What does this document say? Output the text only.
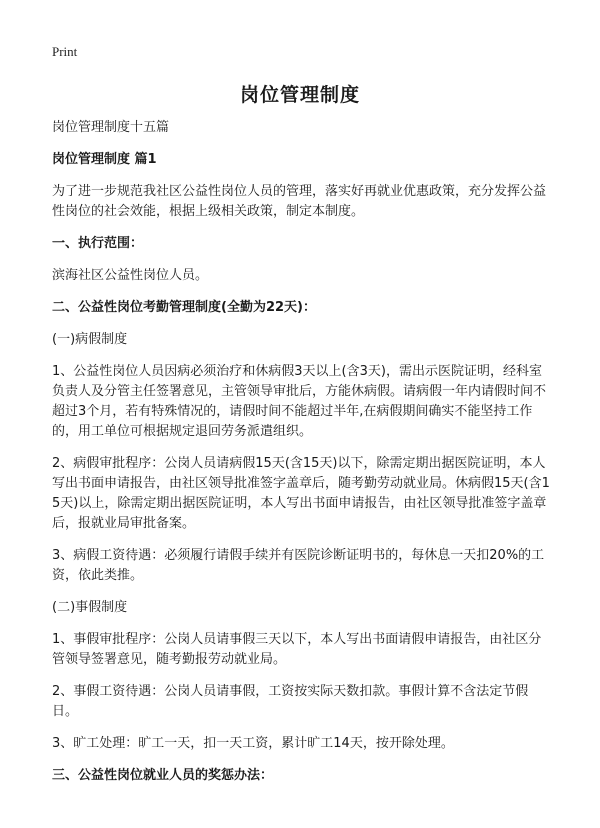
Print
岗位管理制度

岗位管理制度十五篇

岗位管理制度 篇1

为了进一步规范我社区公益性岗位人员的管理，落实好再就业优惠政策，充分发挥公益性岗位的社会效能，根据上级相关政策，制定本制度。

一、执行范围：

滨海社区公益性岗位人员。

二、公益性岗位考勤管理制度(全勤为22天)：

(一)病假制度

1、公益性岗位人员因病必须治疗和休病假3天以上(含3天)，需出示医院证明，经科室负责人及分管主任签署意见，主管领导审批后，方能休病假。请病假一年内请假时间不超过3个月，若有特殊情况的，请假时间不能超过半年,在病假期间确实不能坚持工作的，用工单位可根据规定退回劳务派遣组织。

2、病假审批程序：公岗人员请病假15天(含15天)以下，除需定期出据医院证明，本人写出书面申请报告，由社区领导批准签字盖章后，随考勤劳动就业局。休病假15天(含15天)以上，除需定期出据医院证明，本人写出书面申请报告，由社区领导批准签字盖章后，报就业局审批备案。

3、病假工资待遇：必须履行请假手续并有医院诊断证明书的，每休息一天扣20%的工资，依此类推。

(二)事假制度

1、事假审批程序：公岗人员请事假三天以下，本人写出书面请假申请报告，由社区分管领导签署意见，随考勤报劳动就业局。

2、事假工资待遇：公岗人员请事假，工资按实际天数扣款。事假计算不含法定节假日。

3、旷工处理：旷工一天，扣一天工资，累计旷工14天，按开除处理。

三、公益性岗位就业人员的奖惩办法：
